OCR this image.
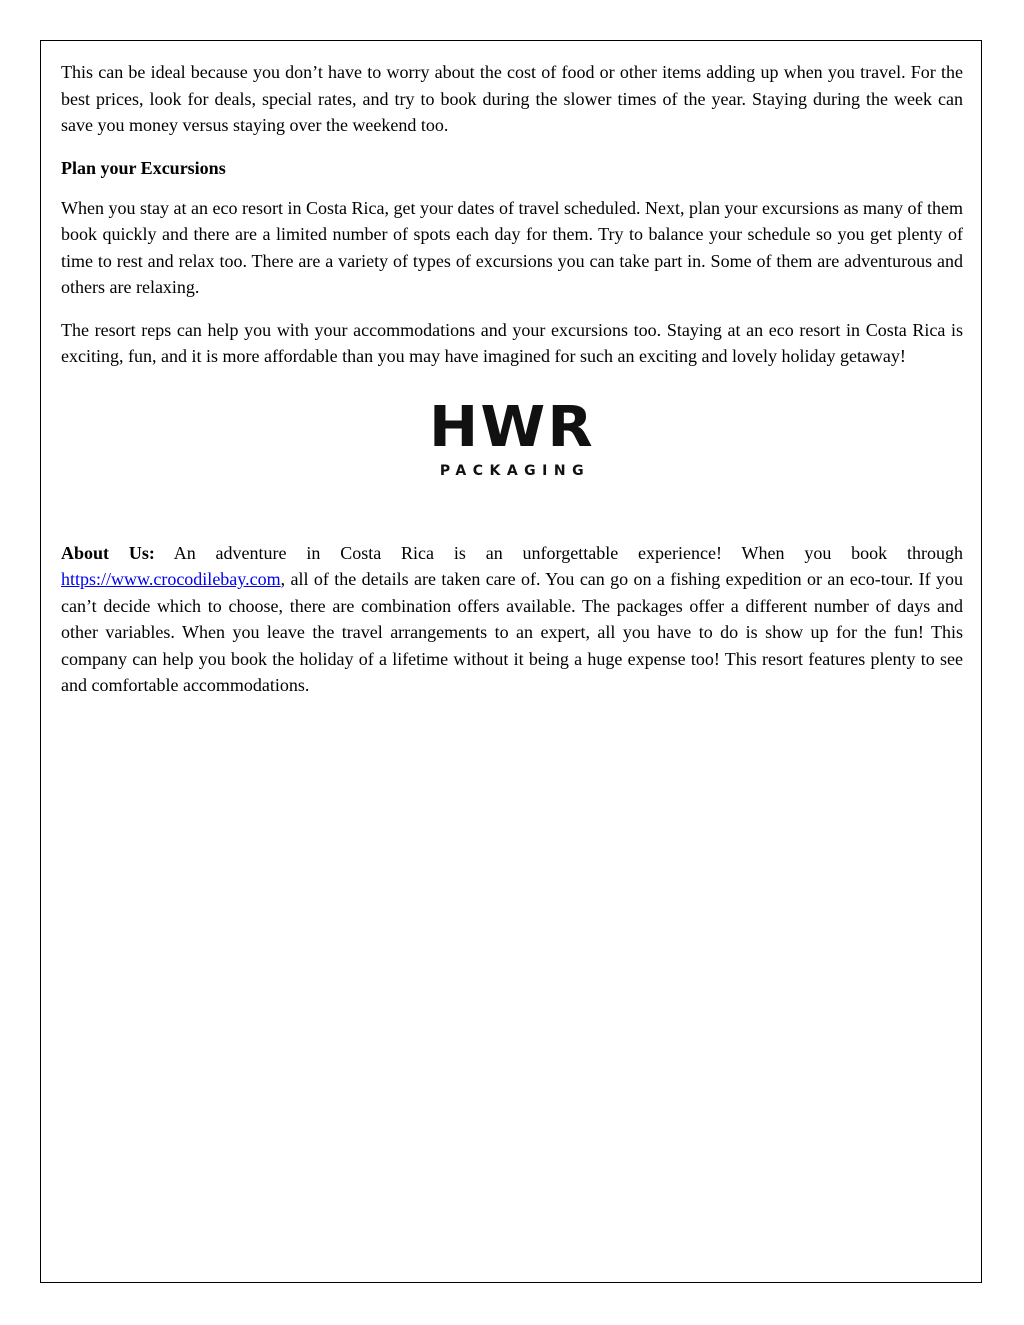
This can be ideal because you don’t have to worry about the cost of food or other items adding up when you travel. For the best prices, look for deals, special rates, and try to book during the slower times of the year. Staying during the week can save you money versus staying over the weekend too.

Plan your Excursions

When you stay at an eco resort in Costa Rica, get your dates of travel scheduled. Next, plan your excursions as many of them book quickly and there are a limited number of spots each day for them. Try to balance your schedule so you get plenty of time to rest and relax too. There are a variety of types of excursions you can take part in. Some of them are adventurous and others are relaxing.

The resort reps can help you with your accommodations and your excursions too. Staying at an eco resort in Costa Rica is exciting, fun, and it is more affordable than you may have imagined for such an exciting and lovely holiday getaway!

HWR
PACKAGING

About Us: An adventure in Costa Rica is an unforgettable experience! When you book through https://www.crocodilebay.com, all of the details are taken care of. You can go on a fishing expedition or an eco-tour. If you can’t decide which to choose, there are combination offers available. The packages offer a different number of days and other variables. When you leave the travel arrangements to an expert, all you have to do is show up for the fun! This company can help you book the holiday of a lifetime without it being a huge expense too! This resort features plenty to see and comfortable accommodations.
